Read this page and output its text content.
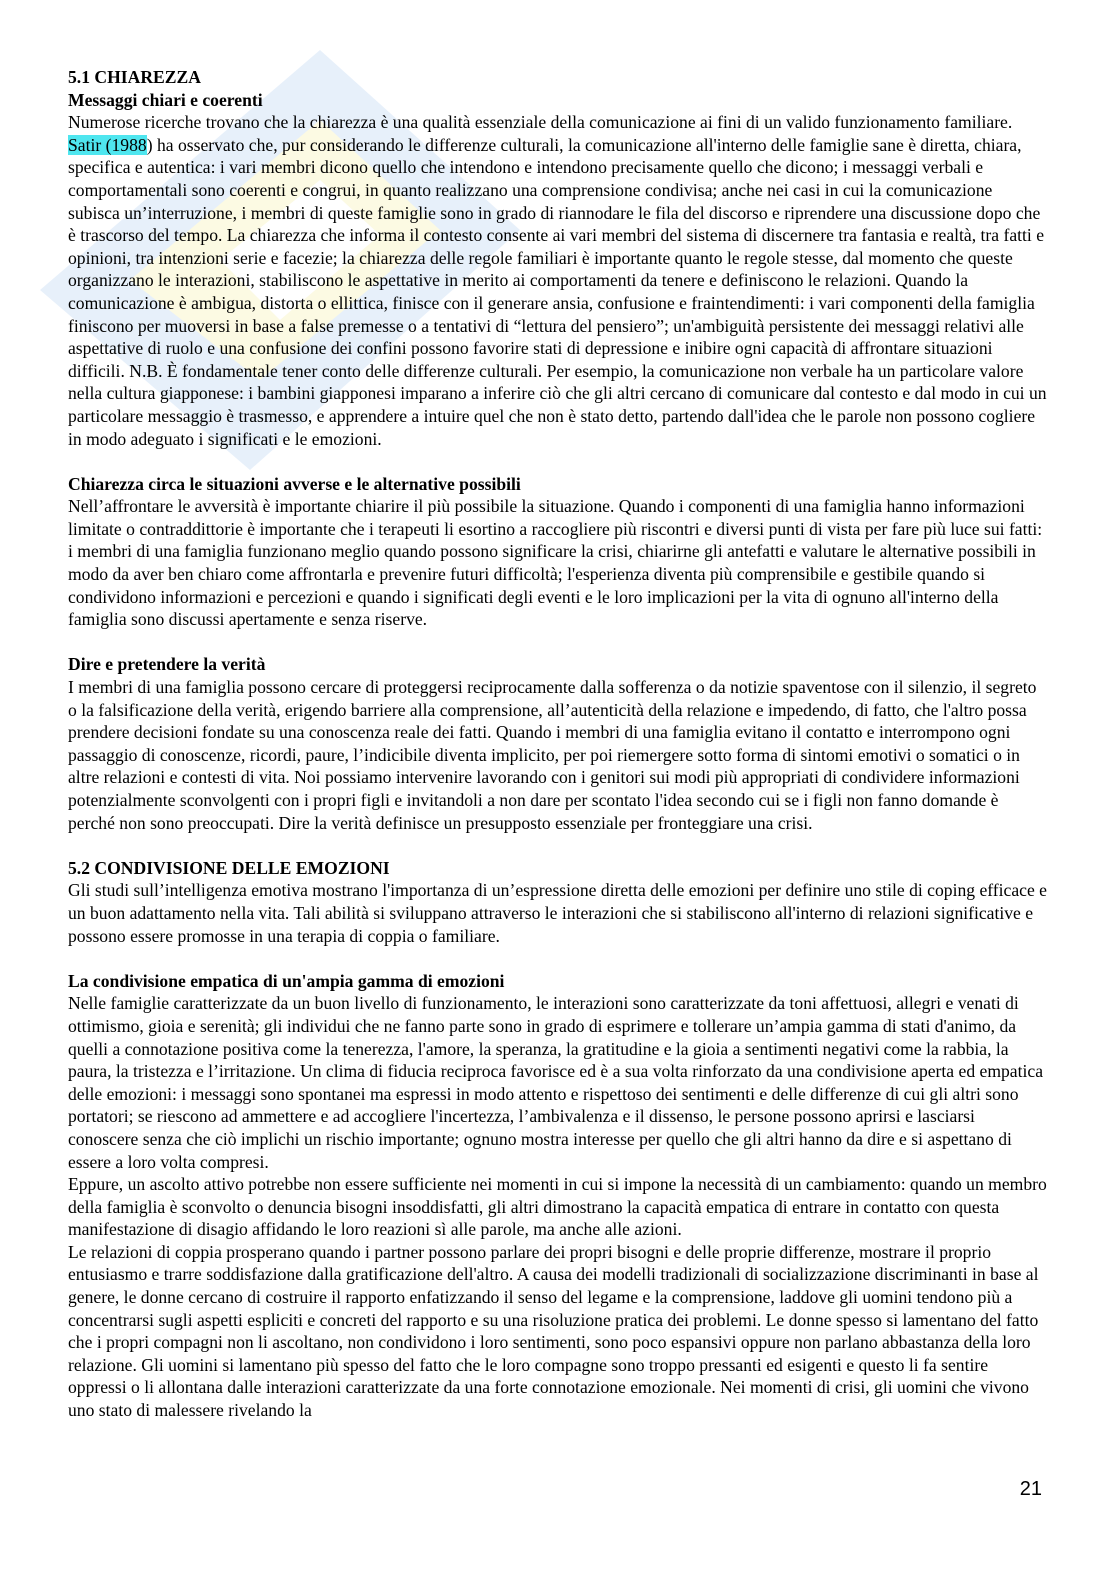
5.1 CHIAREZZA
Messaggi chiari e coerenti

Numerose ricerche trovano che la chiarezza è una qualità essenziale della comunicazione ai fini di un valido funzionamento familiare. Satir (1988) ha osservato che, pur considerando le differenze culturali, la comunicazione all'interno delle famiglie sane è diretta, chiara, specifica e autentica: i vari membri dicono quello che intendono e intendono precisamente quello che dicono; i messaggi verbali e comportamentali sono coerenti e congrui, in quanto realizzano una comprensione condivisa; anche nei casi in cui la comunicazione subisca un’interruzione, i membri di queste famiglie sono in grado di riannodare le fila del discorso e riprendere una discussione dopo che è trascorso del tempo. La chiarezza che informa il contesto consente ai vari membri del sistema di discernere tra fantasia e realtà, tra fatti e opinioni, tra intenzioni serie e facezie; la chiarezza delle regole familiari è importante quanto le regole stesse, dal momento che queste organizzano le interazioni, stabiliscono le aspettative in merito ai comportamenti da tenere e definiscono le relazioni. Quando la comunicazione è ambigua, distorta o ellittica, finisce con il generare ansia, confusione e fraintendimenti: i vari componenti della famiglia finiscono per muoversi in base a false premesse o a tentativi di “lettura del pensiero”; un'ambiguità persistente dei messaggi relativi alle aspettative di ruolo e una confusione dei confini possono favorire stati di depressione e inibire ogni capacità di affrontare situazioni difficili. N.B. È fondamentale tener conto delle differenze culturali. Per esempio, la comunicazione non verbale ha un particolare valore nella cultura giapponese: i bambini giapponesi imparano a inferire ciò che gli altri cercano di comunicare dal contesto e dal modo in cui un particolare messaggio è trasmesso, e apprendere a intuire quel che non è stato detto, partendo dall'idea che le parole non possono cogliere in modo adeguato i significati e le emozioni.

Chiarezza circa le situazioni avverse e le alternative possibili

Nell’affrontare le avversità è importante chiarire il più possibile la situazione. Quando i componenti di una famiglia hanno informazioni limitate o contraddittorie è importante che i terapeuti li esortino a raccogliere più riscontri e diversi punti di vista per fare più luce sui fatti: i membri di una famiglia funzionano meglio quando possono significare la crisi, chiarirne gli antefatti e valutare le alternative possibili in modo da aver ben chiaro come affrontarla e prevenire futuri difficoltà; l'esperienza diventa più comprensibile e gestibile quando si condividono informazioni e percezioni e quando i significati degli eventi e le loro implicazioni per la vita di ognuno all'interno della famiglia sono discussi apertamente e senza riserve.

Dire e pretendere la verità

I membri di una famiglia possono cercare di proteggersi reciprocamente dalla sofferenza o da notizie spaventose con il silenzio, il segreto o la falsificazione della verità, erigendo barriere alla comprensione, all’autenticità della relazione e impedendo, di fatto, che l'altro possa prendere decisioni fondate su una conoscenza reale dei fatti. Quando i membri di una famiglia evitano il contatto e interrompono ogni passaggio di conoscenze, ricordi, paure, l’indicibile diventa implicito, per poi riemergere sotto forma di sintomi emotivi o somatici o in altre relazioni e contesti di vita. Noi possiamo intervenire lavorando con i genitori sui modi più appropriati di condividere informazioni potenzialmente sconvolgenti con i propri figli e invitandoli a non dare per scontato l'idea secondo cui se i figli non fanno domande è perché non sono preoccupati. Dire la verità definisce un presupposto essenziale per fronteggiare una crisi.

5.2 CONDIVISIONE DELLE EMOZIONI

Gli studi sull’intelligenza emotiva mostrano l'importanza di un’espressione diretta delle emozioni per definire uno stile di coping efficace e un buon adattamento nella vita. Tali abilità si sviluppano attraverso le interazioni che si stabiliscono all'interno di relazioni significative e possono essere promosse in una terapia di coppia o familiare.

La condivisione empatica di un'ampia gamma di emozioni

Nelle famiglie caratterizzate da un buon livello di funzionamento, le interazioni sono caratterizzate da toni affettuosi, allegri e venati di ottimismo, gioia e serenità; gli individui che ne fanno parte sono in grado di esprimere e tollerare un’ampia gamma di stati d'animo, da quelli a connotazione positiva come la tenerezza, l'amore, la speranza, la gratitudine e la gioia a sentimenti negativi come la rabbia, la paura, la tristezza e l’irritazione. Un clima di fiducia reciproca favorisce ed è a sua volta rinforzato da una condivisione aperta ed empatica delle emozioni: i messaggi sono spontanei ma espressi in modo attento e rispettoso dei sentimenti e delle differenze di cui gli altri sono portatori; se riescono ad ammettere e ad accogliere l'incertezza, l’ambivalenza e il dissenso, le persone possono aprirsi e lasciarsi conoscere senza che ciò implichi un rischio importante; ognuno mostra interesse per quello che gli altri hanno da dire e si aspettano di essere a loro volta compresi.

Eppure, un ascolto attivo potrebbe non essere sufficiente nei momenti in cui si impone la necessità di un cambiamento: quando un membro della famiglia è sconvolto o denuncia bisogni insoddisfatti, gli altri dimostrano la capacità empatica di entrare in contatto con questa manifestazione di disagio affidando le loro reazioni sì alle parole, ma anche alle azioni.

Le relazioni di coppia prosperano quando i partner possono parlare dei propri bisogni e delle proprie differenze, mostrare il proprio entusiasmo e trarre soddisfazione dalla gratificazione dell'altro. A causa dei modelli tradizionali di socializzazione discriminanti in base al genere, le donne cercano di costruire il rapporto enfatizzando il senso del legame e la comprensione, laddove gli uomini tendono più a concentrarsi sugli aspetti espliciti e concreti del rapporto e su una risoluzione pratica dei problemi. Le donne spesso si lamentano del fatto che i propri compagni non li ascoltano, non condividono i loro sentimenti, sono poco espansivi oppure non parlano abbastanza della loro relazione. Gli uomini si lamentano più spesso del fatto che le loro compagne sono troppo pressanti ed esigenti e questo li fa sentire oppressi o li allontana dalle interazioni caratterizzate da una forte connotazione emozionale. Nei momenti di crisi, gli uomini che vivono uno stato di malessere rivelando la

21
